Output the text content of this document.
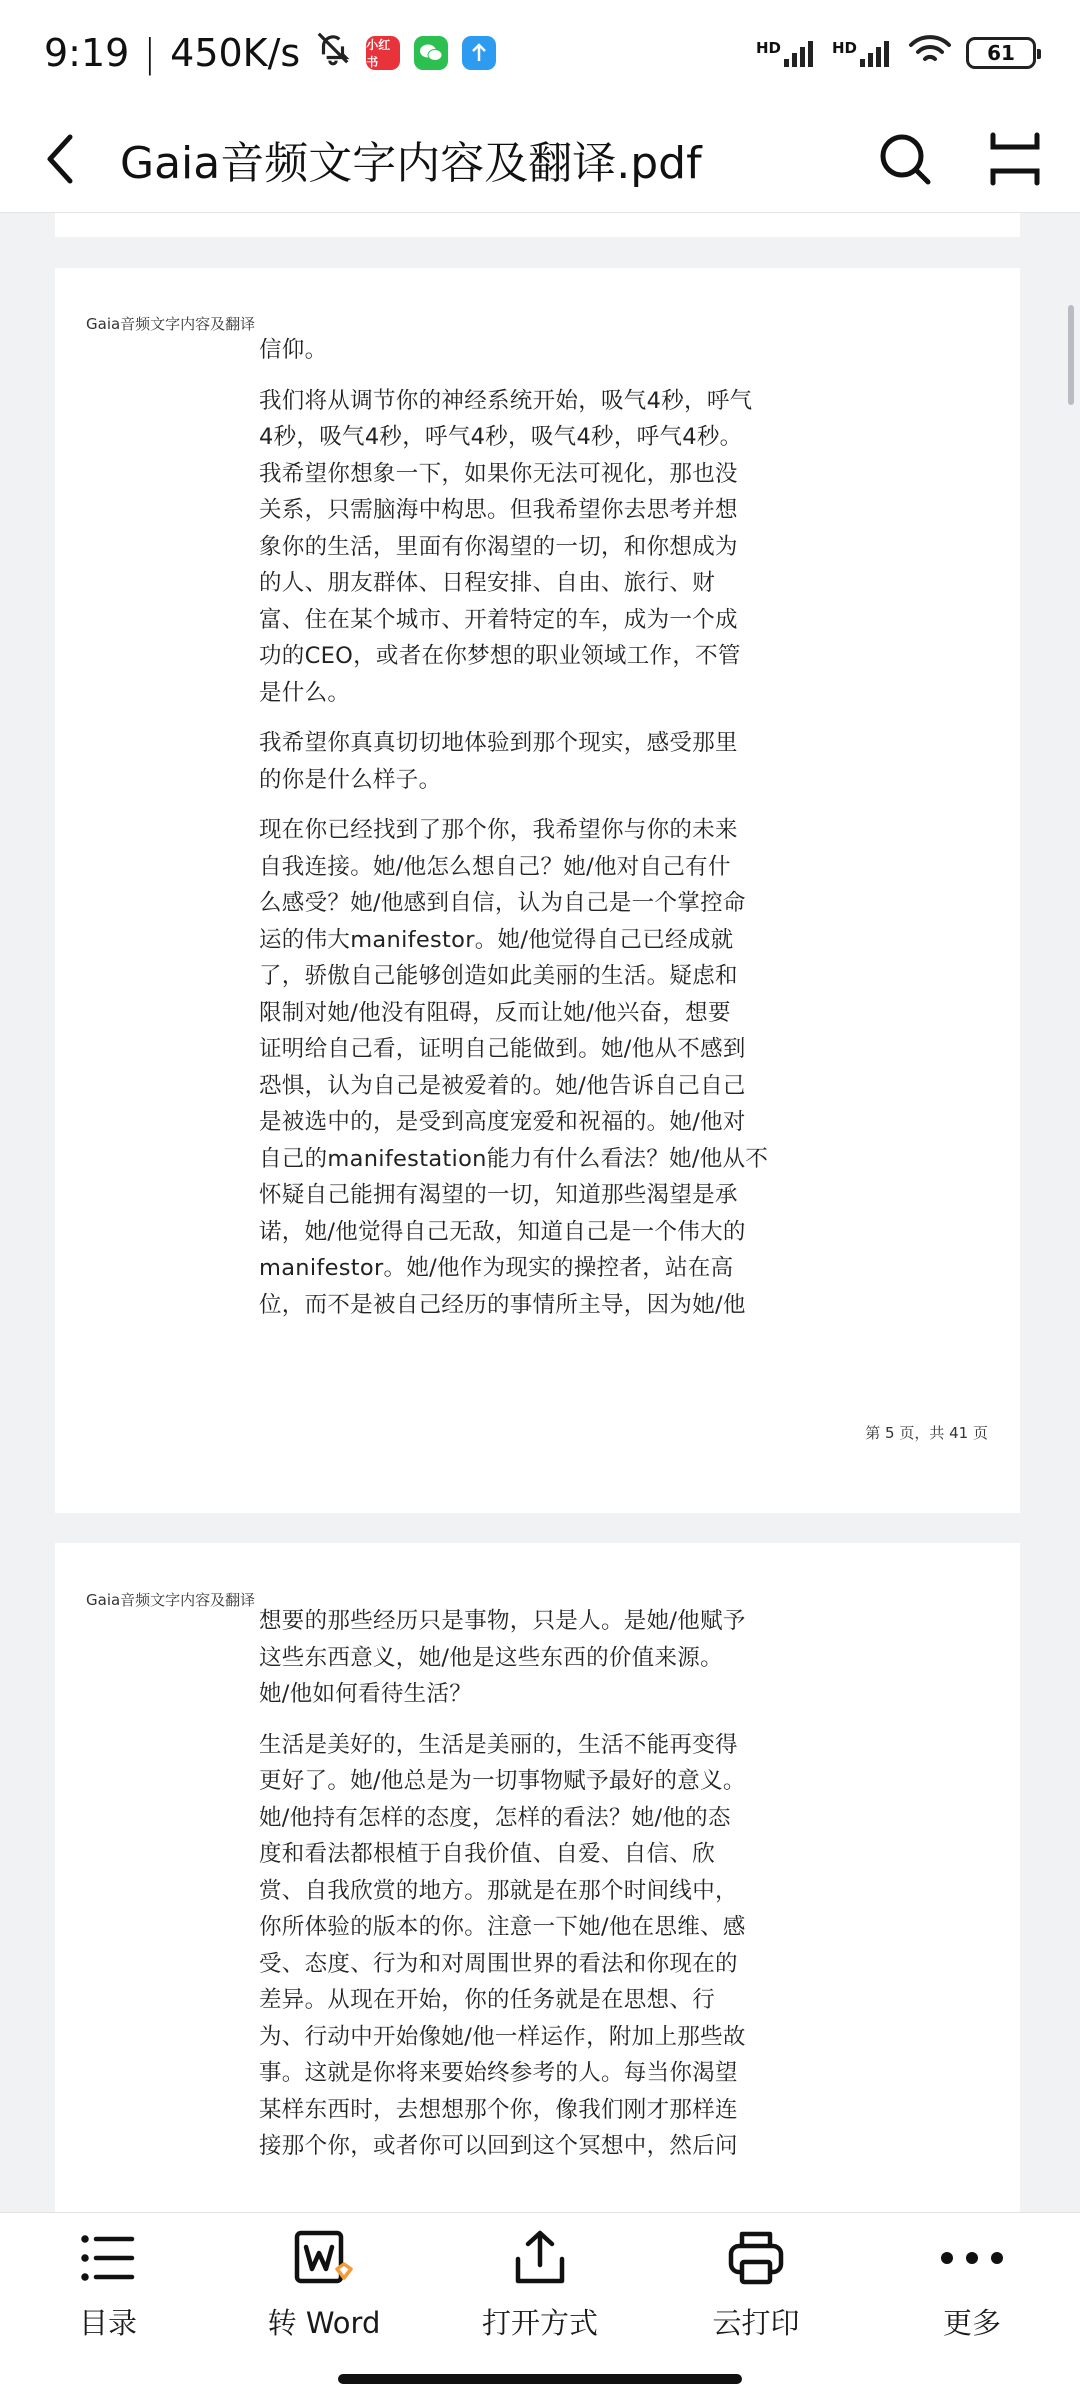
9:19 | 450K/s	小红书
HD	HD	61
Gaia音频文字内容及翻译.pdf
Gaia音频文字内容及翻译
信仰。
我们将从调节你的神经系统开始，吸气4秒，呼气
4秒，吸气4秒，呼气4秒，吸气4秒，呼气4秒。
我希望你想象一下，如果你无法可视化，那也没
关系，只需脑海中构思。但我希望你去思考并想
象你的生活，里面有你渴望的一切，和你想成为
的人、朋友群体、日程安排、自由、旅行、财
富、住在某个城市、开着特定的车，成为一个成
功的CEO，或者在你梦想的职业领域工作，不管
是什么。
我希望你真真切切地体验到那个现实，感受那里
的你是什么样子。
现在你已经找到了那个你，我希望你与你的未来
自我连接。她/他怎么想自己？她/他对自己有什
么感受？她/他感到自信，认为自己是一个掌控命
运的伟大manifestor。她/他觉得自己已经成就
了，骄傲自己能够创造如此美丽的生活。疑虑和
限制对她/他没有阻碍，反而让她/他兴奋，想要
证明给自己看，证明自己能做到。她/他从不感到
恐惧，认为自己是被爱着的。她/他告诉自己自己
是被选中的，是受到高度宠爱和祝福的。她/他对
自己的manifestation能力有什么看法？她/他从不
怀疑自己能拥有渴望的一切，知道那些渴望是承
诺，她/他觉得自己无敌，知道自己是一个伟大的
manifestor。她/他作为现实的操控者，站在高
位，而不是被自己经历的事情所主导，因为她/他
第 5 页，共 41 页
Gaia音频文字内容及翻译
想要的那些经历只是事物，只是人。是她/他赋予
这些东西意义，她/他是这些东西的价值来源。
她/他如何看待生活？
生活是美好的，生活是美丽的，生活不能再变得
更好了。她/他总是为一切事物赋予最好的意义。
她/他持有怎样的态度，怎样的看法？她/他的态
度和看法都根植于自我价值、自爱、自信、欣
赏、自我欣赏的地方。那就是在那个时间线中，
你所体验的版本的你。注意一下她/他在思维、感
受、态度、行为和对周围世界的看法和你现在的
差异。从现在开始，你的任务就是在思想、行
为、行动中开始像她/他一样运作，附加上那些故
事。这就是你将来要始终参考的人。每当你渴望
某样东西时，去想想那个你，像我们刚才那样连
接那个你，或者你可以回到这个冥想中，然后问
目录	转 Word	打开方式	云打印	更多
